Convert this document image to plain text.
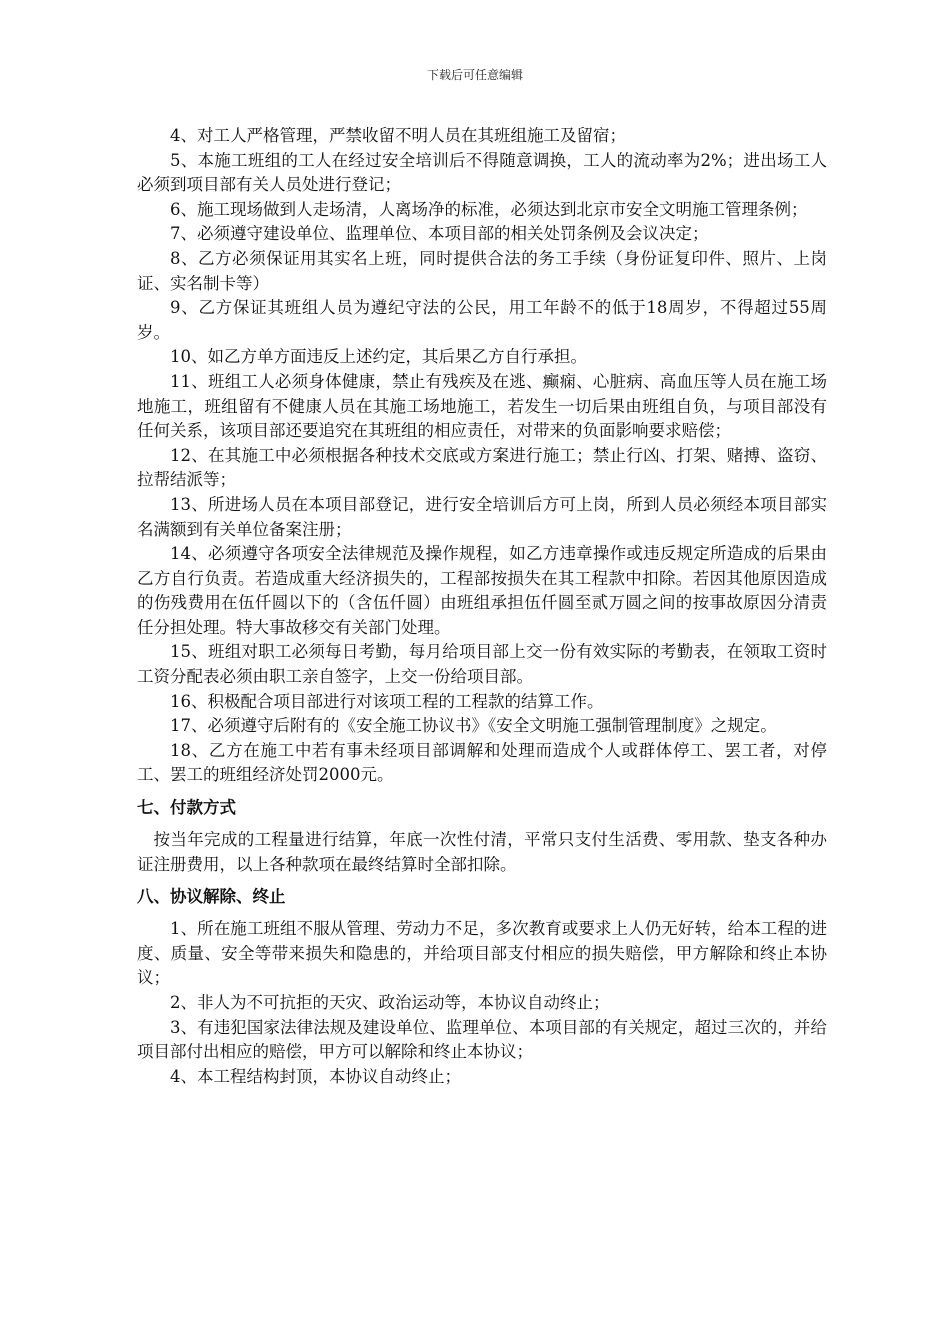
下载后可任意编辑

4、对工人严格管理，严禁收留不明人员在其班组施工及留宿；

5、本施工班组的工人在经过安全培训后不得随意调换，工人的流动率为2%；进出场工人必须到项目部有关人员处进行登记；

6、施工现场做到人走场清，人离场净的标准，必须达到北京市安全文明施工管理条例；

7、必须遵守建设单位、监理单位、本项目部的相关处罚条例及会议决定；

8、乙方必须保证用其实名上班，同时提供合法的务工手续（身份证复印件、照片、上岗证、实名制卡等）

9、乙方保证其班组人员为遵纪守法的公民，用工年龄不的低于18周岁，不得超过55周岁。

10、如乙方单方面违反上述约定，其后果乙方自行承担。

11、班组工人必须身体健康，禁止有残疾及在逃、癫痫、心脏病、高血压等人员在施工场地施工，班组留有不健康人员在其施工场地施工，若发生一切后果由班组自负，与项目部没有任何关系，该项目部还要追究在其班组的相应责任，对带来的负面影响要求赔偿；

12、在其施工中必须根据各种技术交底或方案进行施工；禁止行凶、打架、赌搏、盗窃、拉帮结派等；

13、所进场人员在本项目部登记，进行安全培训后方可上岗，所到人员必须经本项目部实名满额到有关单位备案注册；

14、必须遵守各项安全法律规范及操作规程，如乙方违章操作或违反规定所造成的后果由乙方自行负责。若造成重大经济损失的，工程部按损失在其工程款中扣除。若因其他原因造成的伤残费用在伍仟圆以下的（含伍仟圆）由班组承担伍仟圆至贰万圆之间的按事故原因分清责任分担处理。特大事故移交有关部门处理。

15、班组对职工必须每日考勤，每月给项目部上交一份有效实际的考勤表，在领取工资时工资分配表必须由职工亲自签字，上交一份给项目部。

16、积极配合项目部进行对该项工程的工程款的结算工作。

17、必须遵守后附有的《安全施工协议书》《安全文明施工强制管理制度》之规定。

18、乙方在施工中若有事未经项目部调解和处理而造成个人或群体停工、罢工者，对停工、罢工的班组经济处罚2000元。

七、付款方式

按当年完成的工程量进行结算，年底一次性付清，平常只支付生活费、零用款、垫支各种办证注册费用，以上各种款项在最终结算时全部扣除。

八、协议解除、终止

1、所在施工班组不服从管理、劳动力不足，多次教育或要求上人仍无好转，给本工程的进度、质量、安全等带来损失和隐患的，并给项目部支付相应的损失赔偿，甲方解除和终止本协议；

2、非人为不可抗拒的天灾、政治运动等，本协议自动终止；

3、有违犯国家法律法规及建设单位、监理单位、本项目部的有关规定，超过三次的，并给项目部付出相应的赔偿，甲方可以解除和终止本协议；

4、本工程结构封顶，本协议自动终止；
